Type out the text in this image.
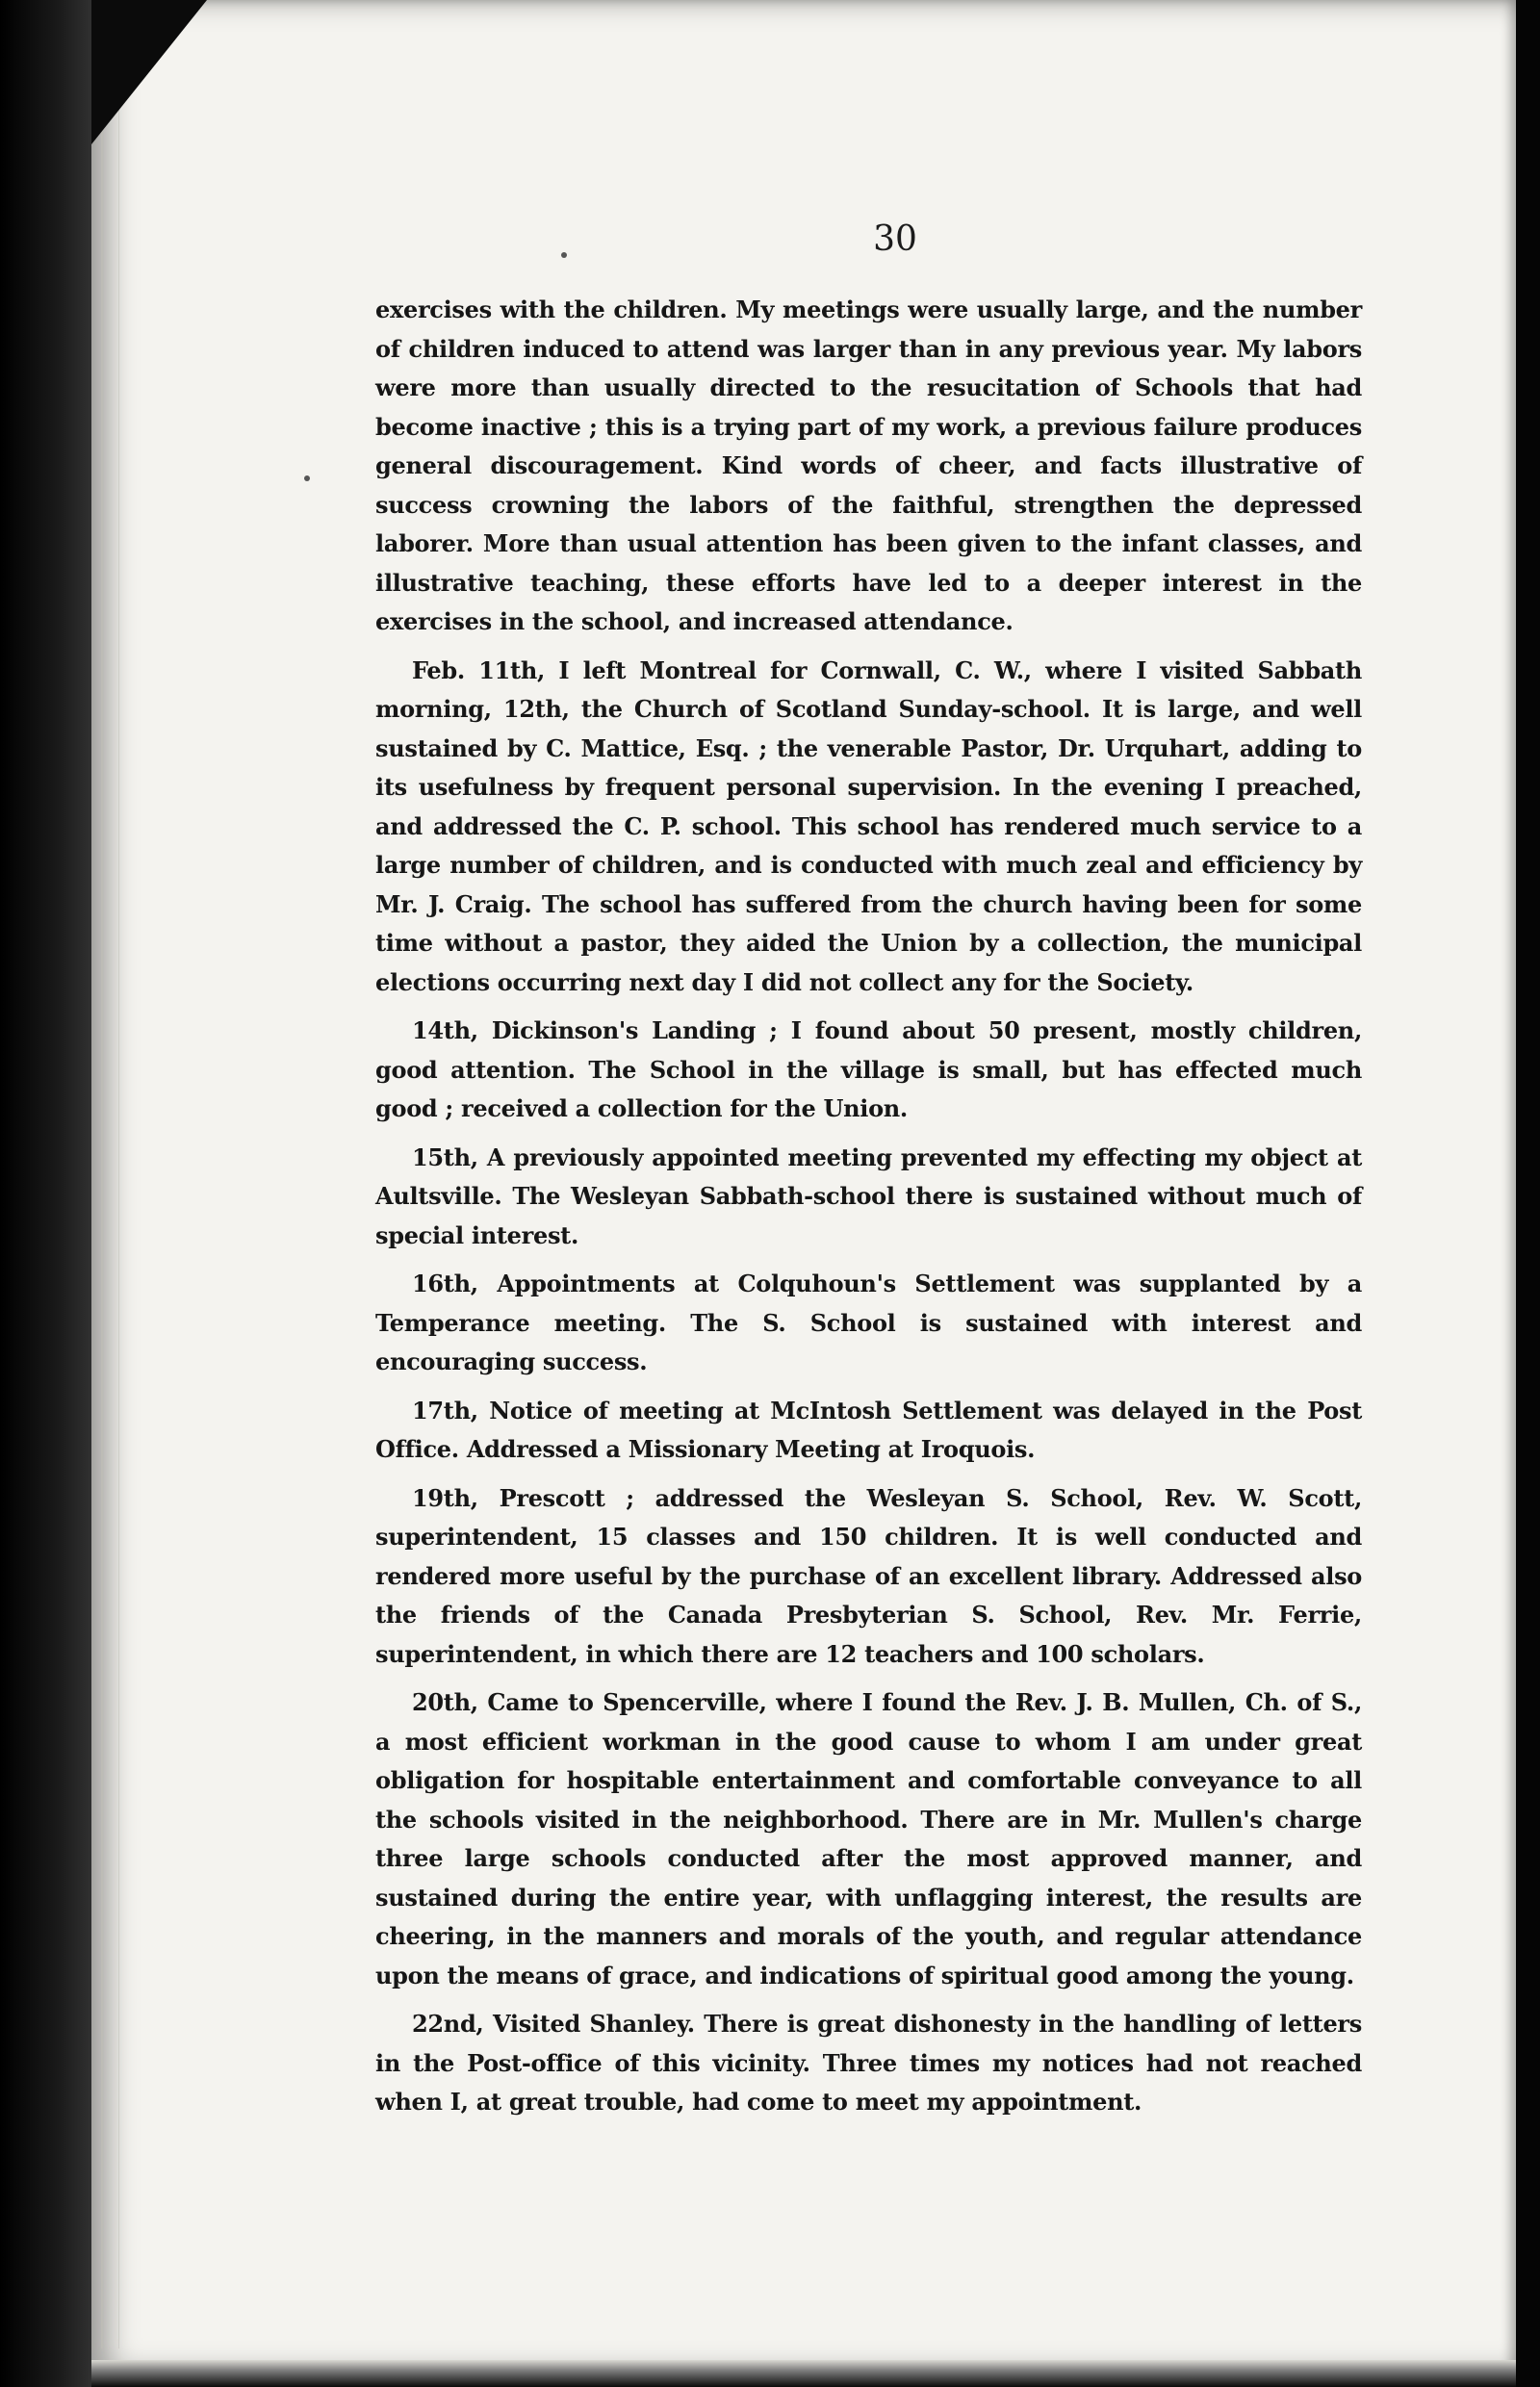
30

exercises with the children. My meetings were usually large, and the number of children induced to attend was larger than in any previous year. My labors were more than usually directed to the resucitation of Schools that had become inactive ; this is a trying part of my work, a previous failure produces general discouragement. Kind words of cheer, and facts illustrative of success crowning the labors of the faithful, strengthen the depressed laborer. More than usual attention has been given to the infant classes, and illustrative teaching, these efforts have led to a deeper interest in the exercises in the school, and increased attendance.

Feb. 11th, I left Montreal for Cornwall, C. W., where I visited Sabbath morning, 12th, the Church of Scotland Sunday-school. It is large, and well sustained by C. Mattice, Esq. ; the venerable Pastor, Dr. Urquhart, adding to its usefulness by frequent personal supervision. In the evening I preached, and addressed the C. P. school. This school has rendered much service to a large number of children, and is conducted with much zeal and efficiency by Mr. J. Craig. The school has suffered from the church having been for some time without a pastor, they aided the Union by a collection, the municipal elections occurring next day I did not collect any for the Society.

14th, Dickinson's Landing ; I found about 50 present, mostly children, good attention. The School in the village is small, but has effected much good ; received a collection for the Union.

15th, A previously appointed meeting prevented my effecting my object at Aultsville. The Wesleyan Sabbath-school there is sustained without much of special interest.

16th, Appointments at Colquhoun's Settlement was supplanted by a Temperance meeting. The S. School is sustained with interest and encouraging success.

17th, Notice of meeting at McIntosh Settlement was delayed in the Post Office. Addressed a Missionary Meeting at Iroquois.

19th, Prescott ; addressed the Wesleyan S. School, Rev. W. Scott, superintendent, 15 classes and 150 children. It is well conducted and rendered more useful by the purchase of an excellent library. Addressed also the friends of the Canada Presbyterian S. School, Rev. Mr. Ferrie, superintendent, in which there are 12 teachers and 100 scholars.

20th, Came to Spencerville, where I found the Rev. J. B. Mullen, Ch. of S., a most efficient workman in the good cause to whom I am under great obligation for hospitable entertainment and comfortable conveyance to all the schools visited in the neighborhood. There are in Mr. Mullen's charge three large schools conducted after the most approved manner, and sustained during the entire year, with unflagging interest, the results are cheering, in the manners and morals of the youth, and regular attendance upon the means of grace, and indications of spiritual good among the young.

22nd, Visited Shanley. There is great dishonesty in the handling of letters in the Post-office of this vicinity. Three times my notices had not reached when I, at great trouble, had come to meet my appointment.
